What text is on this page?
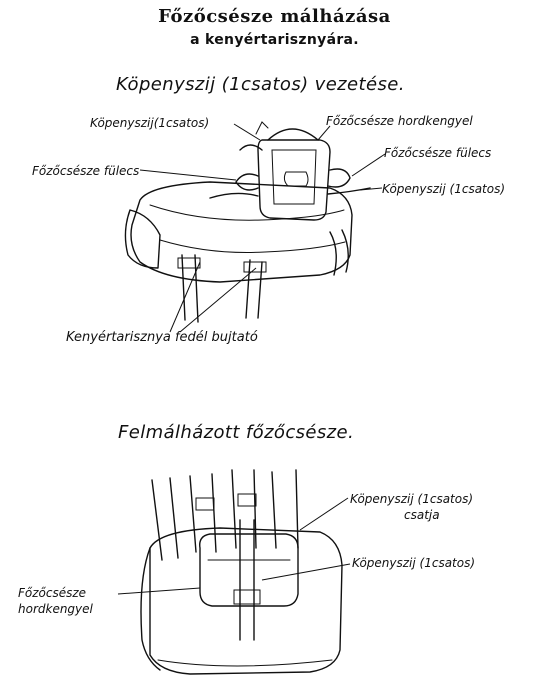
Főzőcsésze málházása
a kenyértarisznyára.
Köpenyszij (1csatos) vezetése.
Köpenyszij(1csatos)	Főzőcsésze hordkengyel
Főzőcsésze fülecs
Főzőcsésze fülecs
Köpenyszij (1csatos)
Kenyértarisznya fedél bujtató
Felmálházott főzőcsésze.
Köpenyszij (1csatos)
csatja
Köpenyszij (1csatos)
Főzőcsésze
hordkengyel
